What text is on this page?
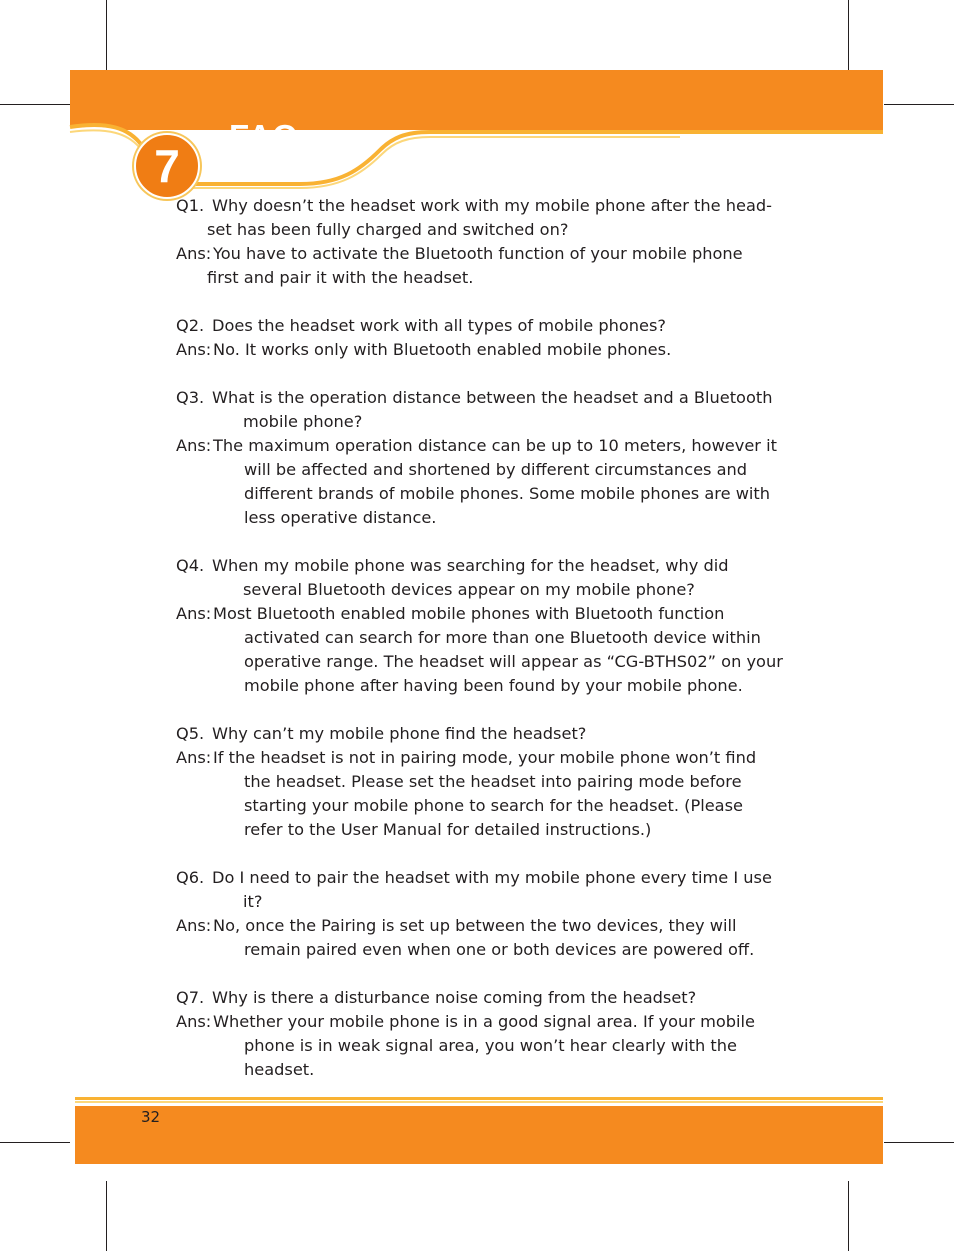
FAQ
7
Q1. Why doesn’t the headset work with my mobile phone after the head-
set has been fully charged and switched on?
Ans: You have to activate the Bluetooth function of your mobile phone
first and pair it with the headset.
Q2. Does the headset work with all types of mobile phones?
Ans: No. It works only with Bluetooth enabled mobile phones.
Q3. What is the operation distance between the headset and a Bluetooth mobile phone?
Ans: The maximum operation distance can be up to 10 meters, however it will be affected and shortened by different circumstances and different brands of mobile phones. Some mobile phones are with less operative distance.
Q4. When my mobile phone was searching for the headset, why did several Bluetooth devices appear on my mobile phone?
Ans: Most Bluetooth enabled mobile phones with Bluetooth function activated can search for more than one Bluetooth device within operative range. The headset will appear as “CG-BTHS02” on your mobile phone after having been found by your mobile phone.
Q5. Why can’t my mobile phone find the headset?
Ans: If the headset is not in pairing mode, your mobile phone won’t find the headset. Please set the headset into pairing mode before starting your mobile phone to search for the headset. (Please refer to the User Manual for detailed instructions.)
Q6. Do I need to pair the headset with my mobile phone every time I use it?
Ans: No, once the Pairing is set up between the two devices, they will remain paired even when one or both devices are powered off.
Q7. Why is there a disturbance noise coming from the headset?
Ans: Whether your mobile phone is in a good signal area. If your mobile phone is in weak signal area, you won’t hear clearly with the headset.
32
